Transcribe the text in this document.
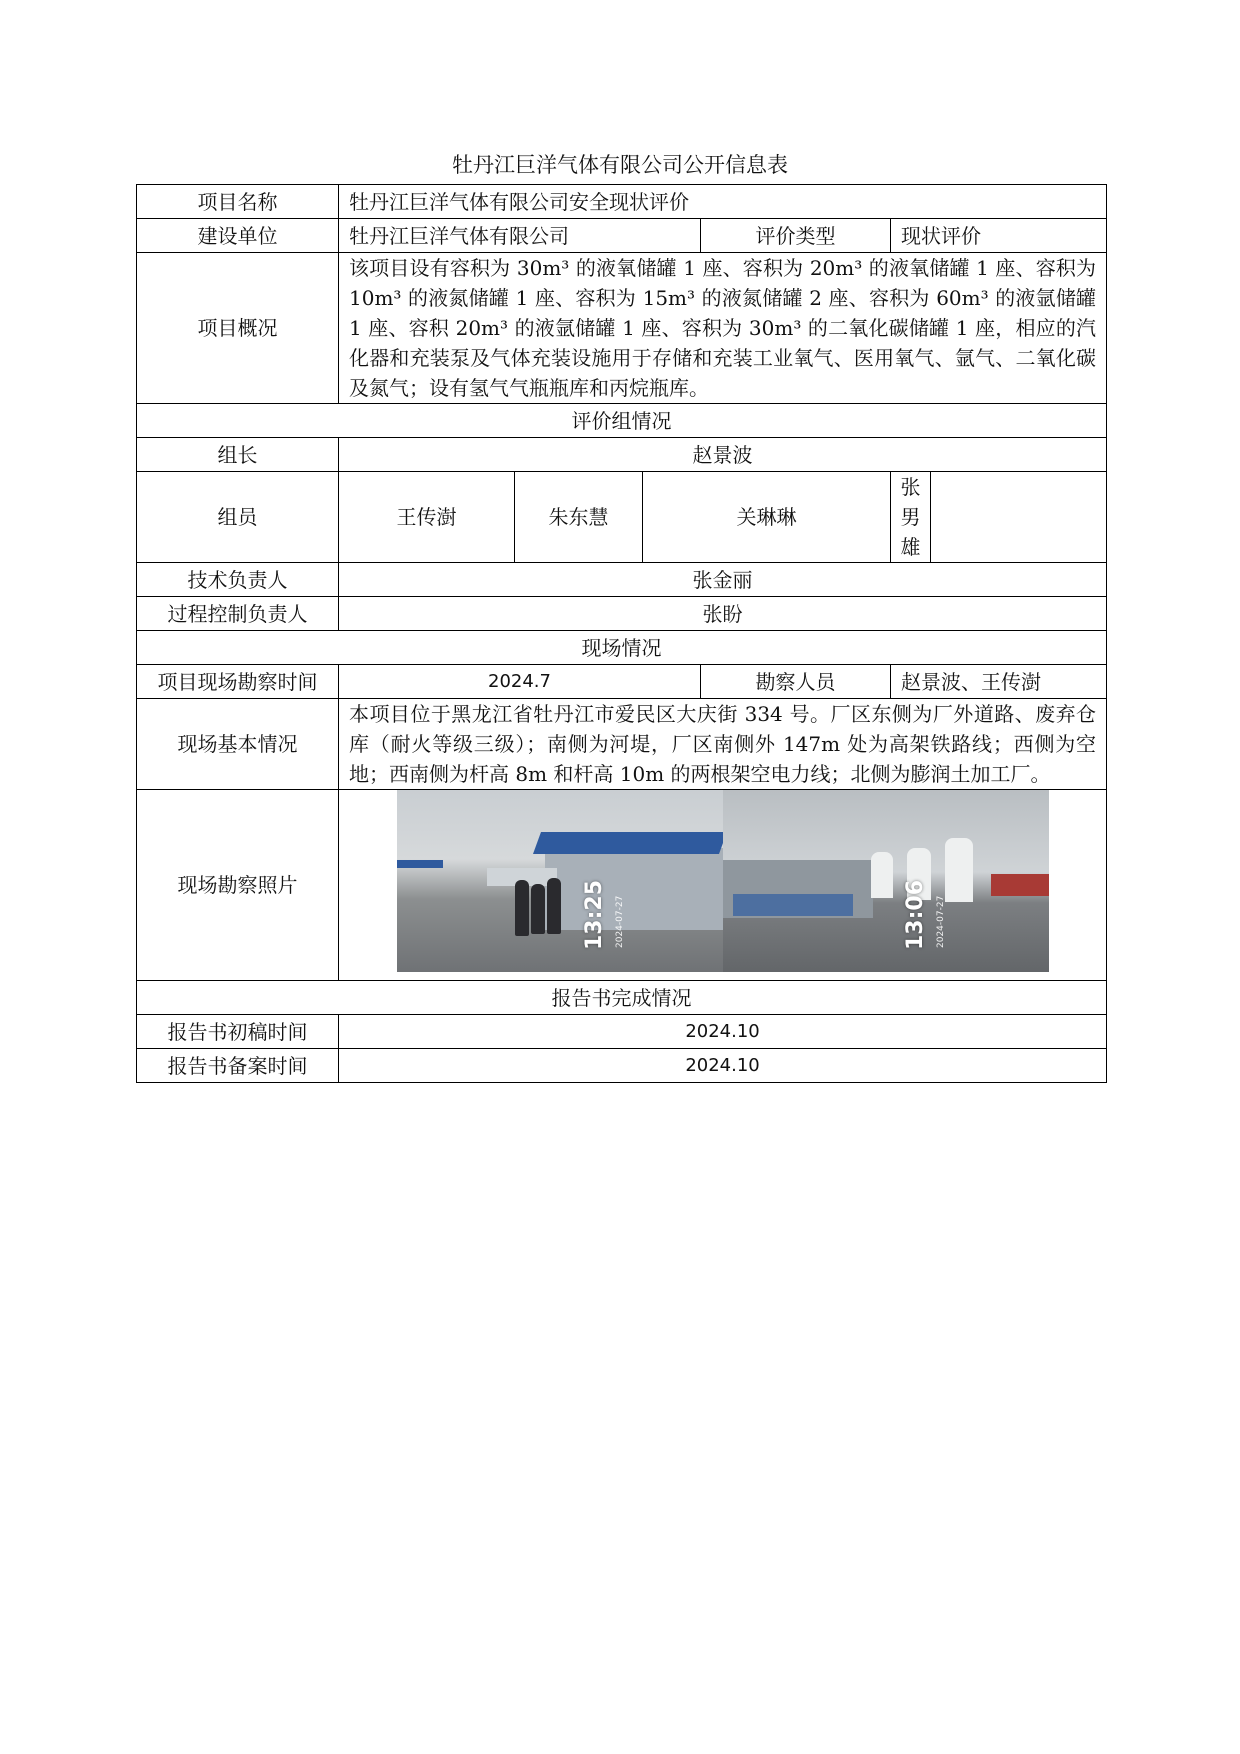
牡丹江巨洋气体有限公司公开信息表
项目名称	牡丹江巨洋气体有限公司安全现状评价					
建设单位	牡丹江巨洋气体有限公司			评价类型	现状评价	
项目概况	该项目设有容积为 30m³ 的液氧储罐 1 座、容积为 20m³ 的液氧储罐 1 座、容积为 10m³ 的液氮储罐 1 座、容积为 15m³ 的液氮储罐 2 座、容积为 60m³ 的液氩储罐 1 座、容积 20m³ 的液氩储罐 1 座、容积为 30m³ 的二氧化碳储罐 1 座，相应的汽化器和充装泵及气体充装设施用于存储和充装工业氧气、医用氧气、氩气、二氧化碳及氮气；设有氢气气瓶瓶库和丙烷瓶库。					
评价组情况						
组长	赵景波					
组员	王传澍	朱东慧	关琳琳		张男雄	
技术负责人	张金丽					
过程控制负责人	张盼					
现场情况						
项目现场勘察时间	2024.7			勘察人员	赵景波、王传澍	
现场基本情况	本项目位于黑龙江省牡丹江市爱民区大庆街 334 号。厂区东侧为厂外道路、废弃仓库（耐火等级三级）；南侧为河堤，厂区南侧外 147m 处为高架铁路线；西侧为空地；西南侧为杆高 8m 和杆高 10m 的两根架空电力线；北侧为膨润土加工厂。					
现场勘察照片	13:25 2024-07-27 13:06 2024-07-27					

报告书完成情况						
报告书初稿时间	2024.10					
报告书备案时间	2024.10					
